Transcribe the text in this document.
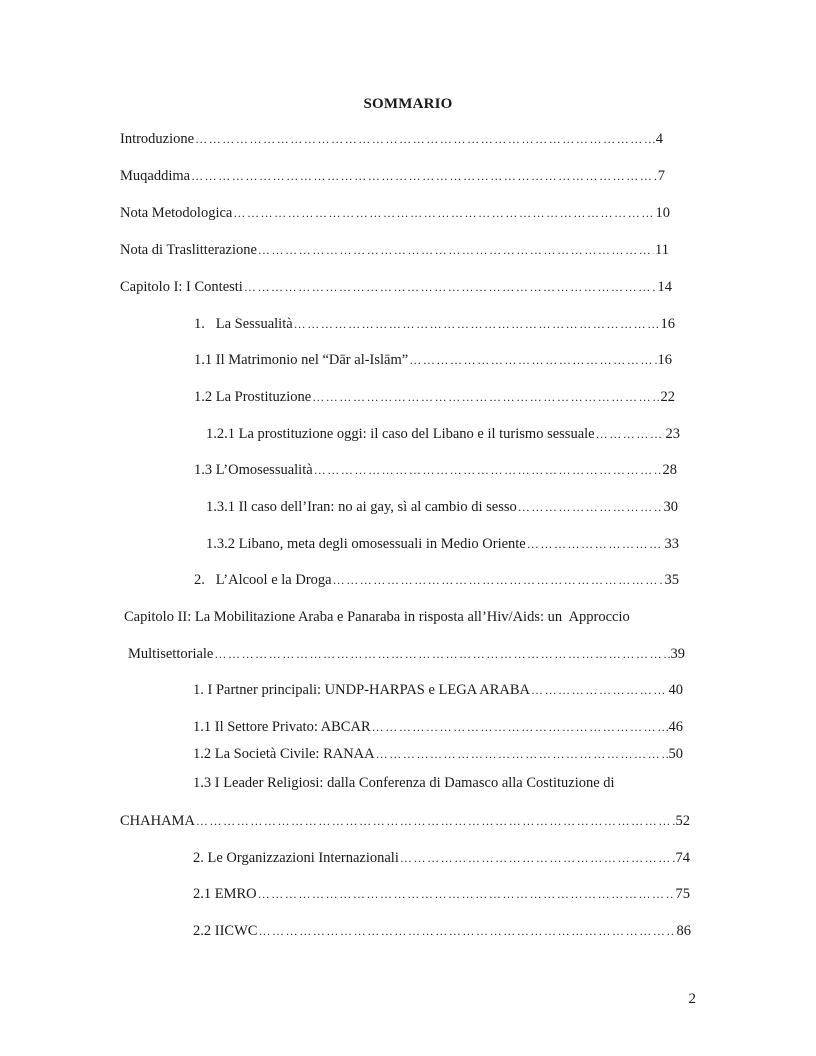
SOMMARIO
Introduzione ………………………………………………………………………………………………………………………………………………………………………………………………………	4
Muqaddima ………………………………………………………………………………………………………………………………………………………………………………………………………	7
Nota Metodologica ………………………………………………………………………………………………………………………………………………………………………………………………………	10
Nota di Traslitterazione ………………………………………………………………………………………………………………………………………………………………………………………………………	11
Capitolo I: I Contesti ………………………………………………………………………………………………………………………………………………………………………………………………………	14
1.   La Sessualità ………………………………………………………………………………………………………………………………………………………………………………………………………	16
1.1 Il Matrimonio nel “Dār al-Islām” ………………………………………………………………………………………………………………………………………………………………………………………………………	16
1.2 La Prostituzione ………………………………………………………………………………………………………………………………………………………………………………………………………	22
1.2.1 La prostituzione oggi: il caso del Libano e il turismo sessuale ………………………………………………………………………………………………………………………………………………………………………………………………………	23
1.3 L’Omosessualità ………………………………………………………………………………………………………………………………………………………………………………………………………	28
1.3.1 Il caso dell’Iran: no ai gay, sì al cambio di sesso ………………………………………………………………………………………………………………………………………………………………………………………………………	30
1.3.2 Libano, meta degli omosessuali in Medio Oriente ………………………………………………………………………………………………………………………………………………………………………………………………………	33
2.   L’Alcool e la Droga ………………………………………………………………………………………………………………………………………………………………………………………………………	35
Capitolo II: La Mobilitazione Araba e Panaraba in risposta all’Hiv/Aids: un  Approccio
Multisettoriale ………………………………………………………………………………………………………………………………………………………………………………………………………	39
1. I Partner principali: UNDP-HARPAS e LEGA ARABA ………………………………………………………………………………………………………………………………………………………………………………………………………	40
1.1 Il Settore Privato: ABCAR ………………………………………………………………………………………………………………………………………………………………………………………………………	46
1.2 La Società Civile: RANAA ………………………………………………………………………………………………………………………………………………………………………………………………………	50
1.3 I Leader Religiosi: dalla Conferenza di Damasco alla Costituzione di
CHAHAMA ………………………………………………………………………………………………………………………………………………………………………………………………………	52
2. Le Organizzazioni Internazionali ………………………………………………………………………………………………………………………………………………………………………………………………………	74
2.1 EMRO ………………………………………………………………………………………………………………………………………………………………………………………………………	75
2.2 IICWC ………………………………………………………………………………………………………………………………………………………………………………………………………	86
2
